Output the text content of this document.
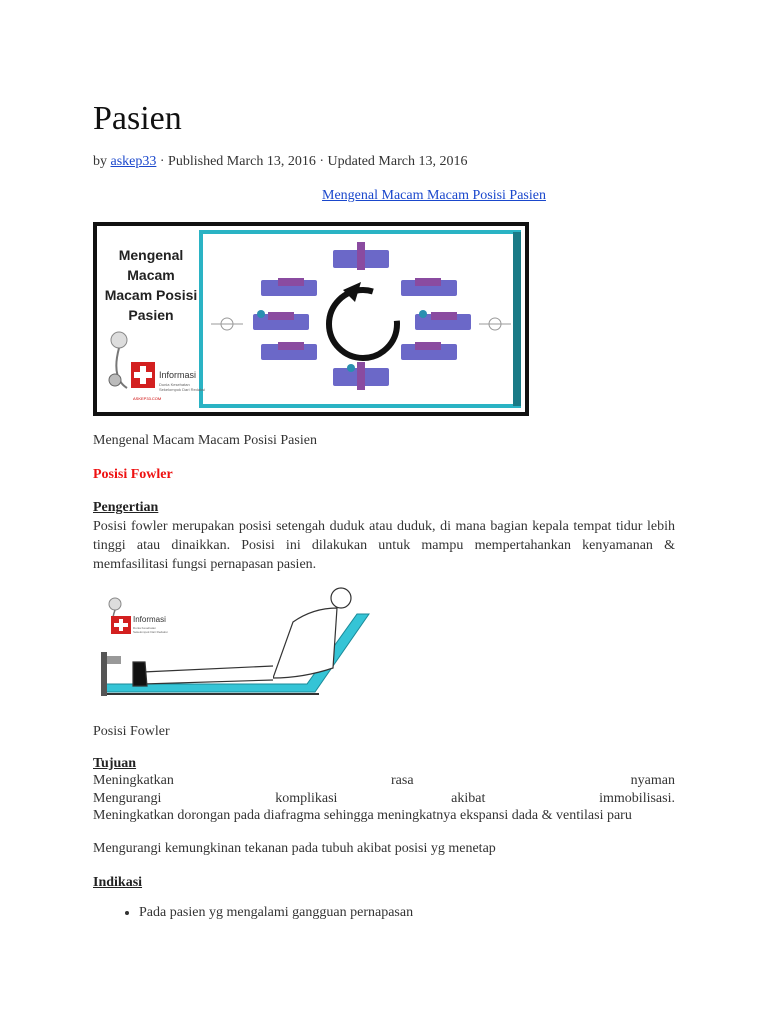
Pasien
by askep33 · Published March 13, 2016 · Updated March 13, 2016
Mengenal Macam Macam Posisi Pasien
Mengenal
Macam
Macam Posisi
Pasien
Informasi
Dunia Kesehatan
Sekelompok Dari Redaksi
ASKEP33.COM
Mengenal Macam Macam Posisi Pasien
Posisi Fowler
Pengertian

Posisi fowler merupakan posisi setengah duduk atau duduk, di mana bagian kepala tempat tidur lebih tinggi atau dinaikkan. Posisi ini dilakukan untuk mampu mempertahankan kenyamanan & memfasilitasi fungsi pernapasan pasien.

Informasi
Dunia Kesehatan
Sekelompok Dari Redaksi
Posisi Fowler
Tujuan
Meningkatkan	rasa	nyaman
Mengurangi	komplikasi	akibat	immobilisasi.

Meningkatkan dorongan pada diafragma sehingga meningkatnya ekspansi dada & ventilasi paru

Mengurangi kemungkinan tekanan pada tubuh akibat posisi yg menetap
Indikasi
• Pada pasien yg mengalami gangguan pernapasan
